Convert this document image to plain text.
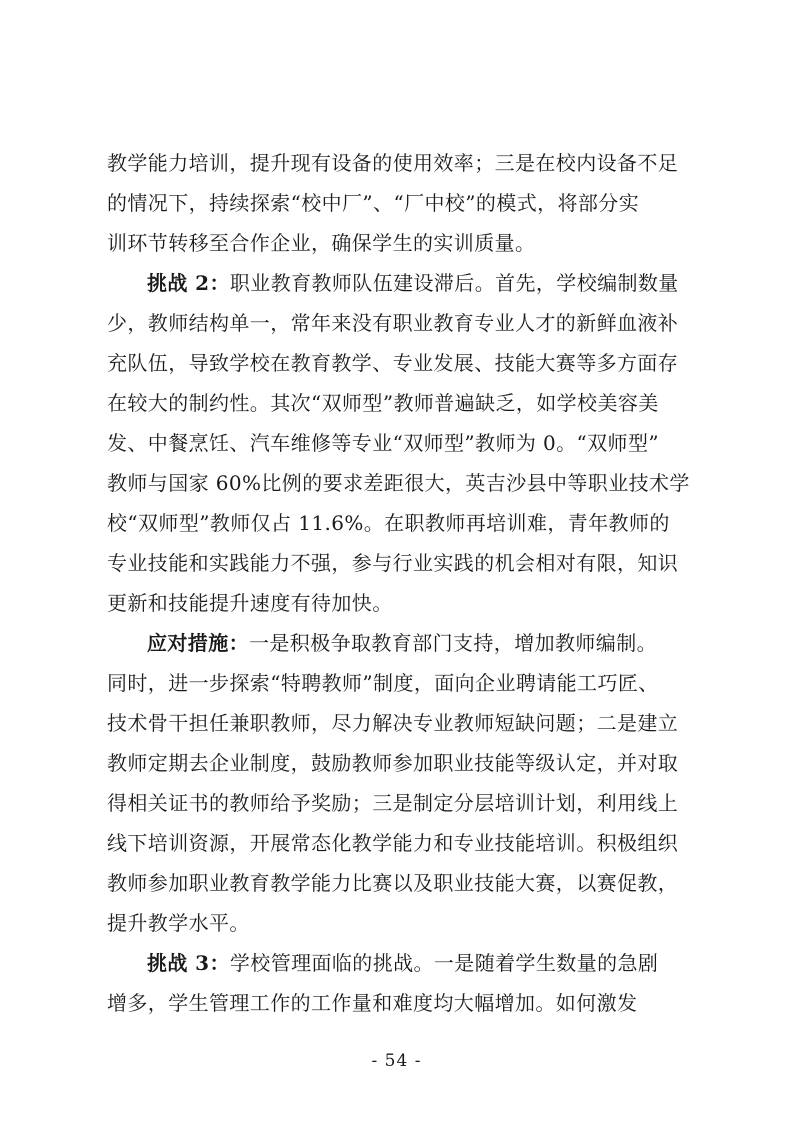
教学能力培训，提升现有设备的使用效率；三是在校内设备不足
的情况下，持续探索“校中厂”、“厂中校”的模式，将部分实
训环节转移至合作企业，确保学生的实训质量。
挑战 2：职业教育教师队伍建设滞后。首先，学校编制数量
少，教师结构单一，常年来没有职业教育专业人才的新鲜血液补
充队伍，导致学校在教育教学、专业发展、技能大赛等多方面存
在较大的制约性。其次“双师型”教师普遍缺乏，如学校美容美
发、中餐烹饪、汽车维修等专业“双师型”教师为 0。“双师型”
教师与国家 60%比例的要求差距很大，英吉沙县中等职业技术学
校“双师型”教师仅占 11.6%。在职教师再培训难，青年教师的
专业技能和实践能力不强，参与行业实践的机会相对有限，知识
更新和技能提升速度有待加快。
应对措施：一是积极争取教育部门支持，增加教师编制。
同时，进一步探索“特聘教师”制度，面向企业聘请能工巧匠、
技术骨干担任兼职教师，尽力解决专业教师短缺问题；二是建立
教师定期去企业制度，鼓励教师参加职业技能等级认定，并对取
得相关证书的教师给予奖励；三是制定分层培训计划，利用线上
线下培训资源，开展常态化教学能力和专业技能培训。积极组织
教师参加职业教育教学能力比赛以及职业技能大赛，以赛促教，
提升教学水平。
挑战 3：学校管理面临的挑战。一是随着学生数量的急剧
增多，学生管理工作的工作量和难度均大幅增加。如何激发
- 54 -
